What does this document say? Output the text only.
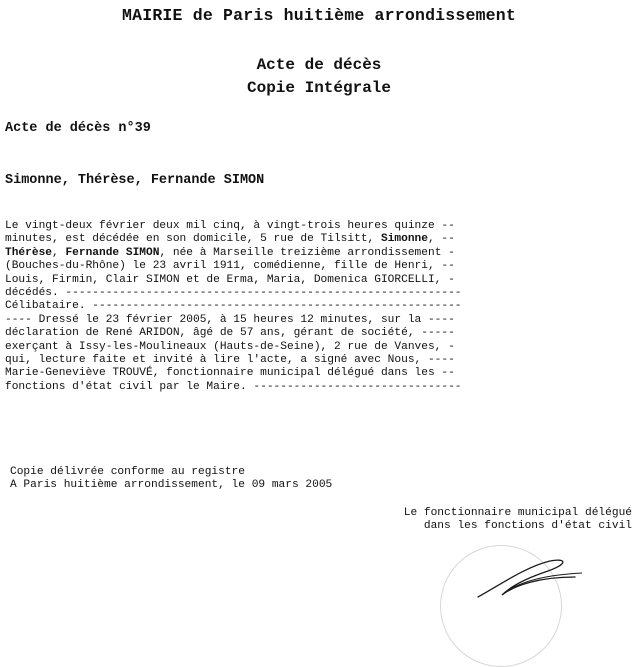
MAIRIE de Paris huitième arrondissement
Acte de décès
Copie Intégrale
Acte de décès n°39
Simonne, Thérèse, Fernande SIMON
Le vingt-deux février deux mil cinq, à vingt-trois heures quinze --
minutes, est décédée en son domicile, 5 rue de Tilsitt, Simonne, --
Thérèse, Fernande SIMON, née à Marseille treizième arrondissement -
(Bouches-du-Rhône) le 23 avril 1911, comédienne, fille de Henri, --
Louis, Firmin, Clair SIMON et de Erma, Maria, Domenica GIORCELLI, -
décédés. -----------------------------------------------------------
Célibataire. -------------------------------------------------------
---- Dressé le 23 février 2005, à 15 heures 12 minutes, sur la ----
déclaration de René ARIDON, âgé de 57 ans, gérant de société, -----
exerçant à Issy-les-Moulineaux (Hauts-de-Seine), 2 rue de Vanves, -
qui, lecture faite et invité à lire l'acte, a signé avec Nous, ----
Marie-Geneviève TROUVÉ, fonctionnaire municipal délégué dans les --
fonctions d'état civil par le Maire. -------------------------------
Copie délivrée conforme au registre
A Paris huitième arrondissement, le 09 mars 2005
Le fonctionnaire municipal délégué
dans les fonctions d'état civil
